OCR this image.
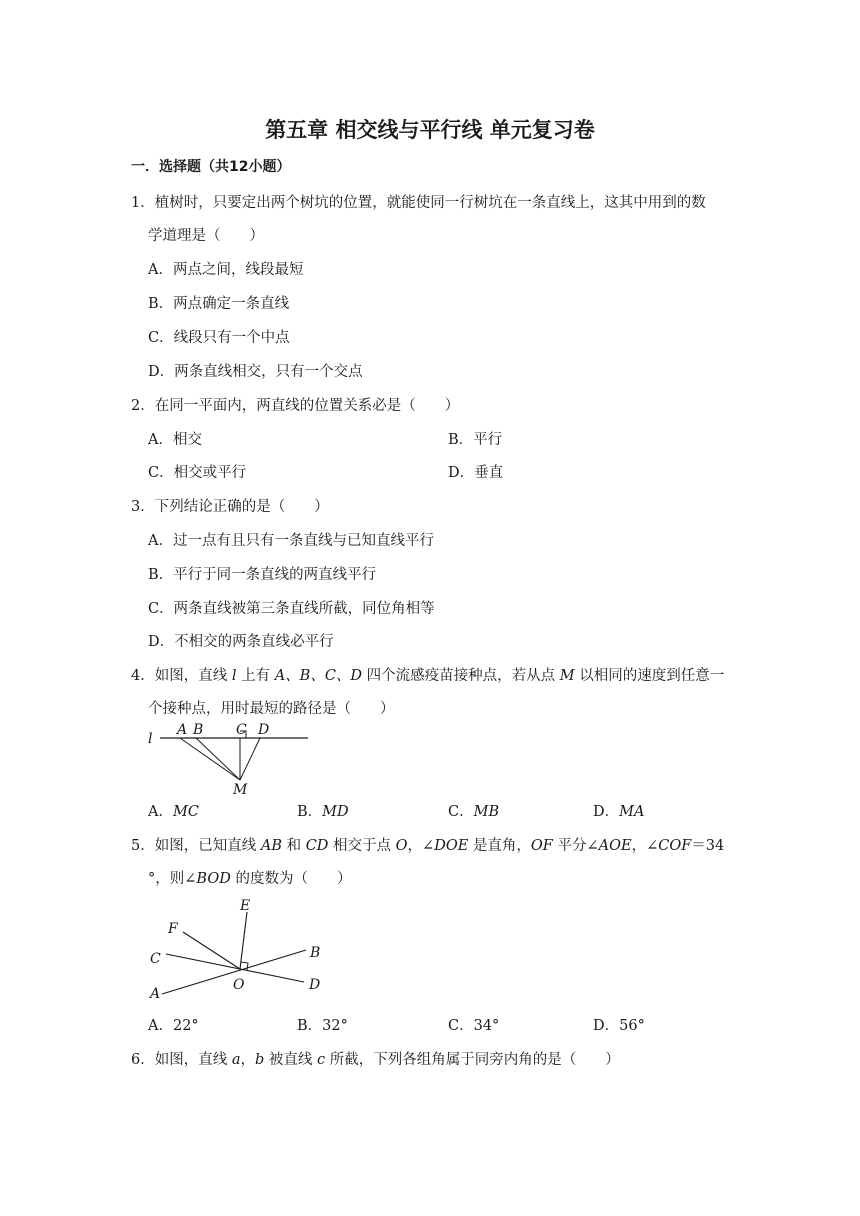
第五章 相交线与平行线 单元复习卷
一．选择题（共12小题）
1．植树时，只要定出两个树坑的位置，就能使同一行树坑在一条直线上，这其中用到的数
学道理是（　　）
A．两点之间，线段最短
B．两点确定一条直线
C．线段只有一个中点
D．两条直线相交，只有一个交点
2．在同一平面内，两直线的位置关系必是（　　）
A．相交	B．平行
C．相交或平行	D．垂直
3．下列结论正确的是（　　）
A．过一点有且只有一条直线与已知直线平行
B．平行于同一条直线的两直线平行
C．两条直线被第三条直线所截，同位角相等
D．不相交的两条直线必平行
4．如图，直线 l 上有 A、B、C、D 四个流感疫苗接种点，若从点 M 以相同的速度到任意一
个接种点，用时最短的路径是（　　）
l
A B C D
M
A．MC	B．MD	C．MB	D．MA
5．如图，已知直线 AB 和 CD 相交于点 O，∠DOE 是直角，OF 平分∠AOE，∠COF＝34
°，则∠BOD 的度数为（　　）
E
F
B
C
D
A
O
A．22°	B．32°	C．34°	D．56°
6．如图，直线 a，b 被直线 c 所截，下列各组角属于同旁内角的是（　　）
